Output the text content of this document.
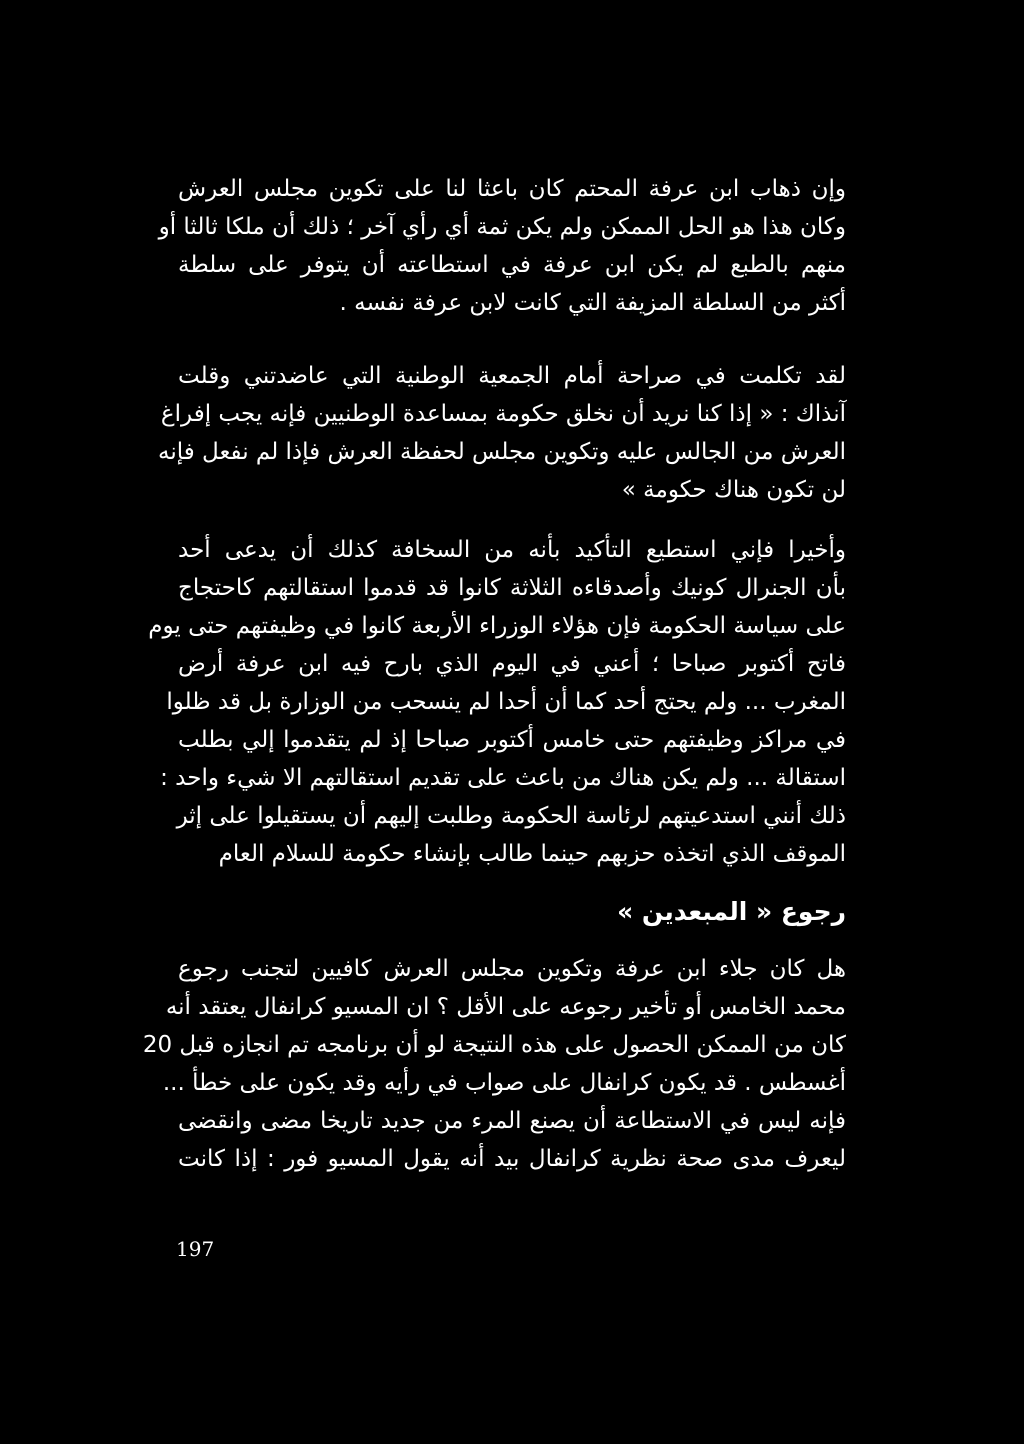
وإن ذهاب ابن عرفة المحتم كان باعثا لنا على تكوين مجلس العرش
وكان هذا هو الحل الممكن ولم يكن ثمة أي رأي آخر ؛ ذلك أن ملكا ثالثا أو
منهم بالطبع لم يكن ابن عرفة في استطاعته أن يتوفر على سلطة
أكثر من السلطة المزيفة التي كانت لابن عرفة نفسه .
لقد تكلمت في صراحة أمام الجمعية الوطنية التي عاضدتني وقلت
آنذاك : « إذا كنا نريد أن نخلق حكومة بمساعدة الوطنيين فإنه يجب إفراغ
العرش من الجالس عليه وتكوين مجلس لحفظة العرش فإذا لم نفعل فإنه
لن تكون هناك حكومة »
وأخيرا فإني استطيع التأكيد بأنه من السخافة كذلك أن يدعى أحد
بأن الجنرال كونيك وأصدقاءه الثلاثة كانوا قد قدموا استقالتهم كاحتجاج
على سياسة الحكومة فإن هؤلاء الوزراء الأربعة كانوا في وظيفتهم حتى يوم
فاتح أكتوبر صباحا ؛ أعني في اليوم الذي بارح فيه ابن عرفة أرض
المغرب ... ولم يحتج أحد كما أن أحدا لم ينسحب من الوزارة بل قد ظلوا
في مراكز وظيفتهم حتى خامس أكتوبر صباحا إذ لم يتقدموا إلي بطلب
استقالة ... ولم يكن هناك من باعث على تقديم استقالتهم الا شيء واحد :
ذلك أنني استدعيتهم لرئاسة الحكومة وطلبت إليهم أن يستقيلوا على إثر
الموقف الذي اتخذه حزبهم حينما طالب بإنشاء حكومة للسلام العام
رجوع « المبعدين »
هل كان جلاء ابن عرفة وتكوين مجلس العرش كافيين لتجنب رجوع
محمد الخامس أو تأخير رجوعه على الأقل ؟ ان المسيو كرانفال يعتقد أنه
كان من الممكن الحصول على هذه النتيجة لو أن برنامجه تم انجازه قبل 20
أغسطس . قد يكون كرانفال على صواب في رأيه وقد يكون على خطأ ...
فإنه ليس في الاستطاعة أن يصنع المرء من جديد تاريخا مضى وانقضى
ليعرف مدى صحة نظرية كرانفال بيد أنه يقول المسيو فور : إذا كانت
197
